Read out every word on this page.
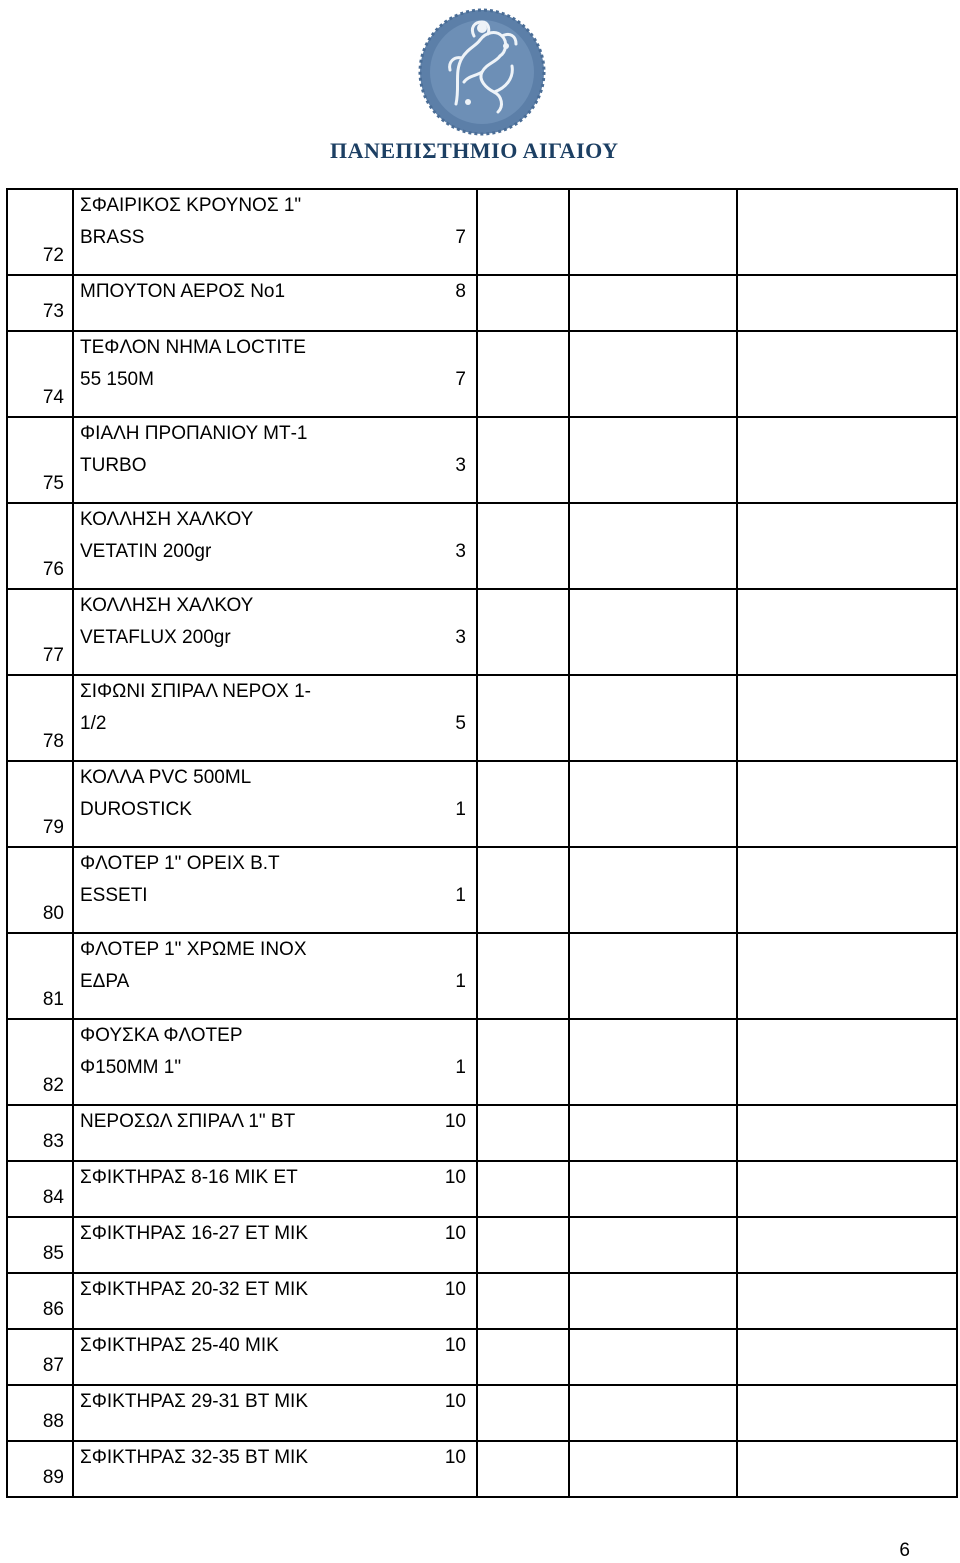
ΠΑΝΕΠΙΣΤΗΜΙΟ ΑΙΓΑΙΟΥ
72	ΣΦΑΙΡΙΚΟΣ ΚΡΟΥΝΟΣ 1"
BRASS		7			
73	ΜΠΟΥΤΟΝ ΑΕΡΟΣ Νο1		8			
74	ΤΕΦΛΟΝ ΝΗΜΑ LOCTITE
55 150M		7			
75	ΦΙΑΛΗ ΠΡΟΠΑΝΙΟΥ ΜΤ-1
TURBO		3			
76	ΚΟΛΛΗΣΗ ΧΑΛΚΟΥ
VETATIN 200gr		3			
77	ΚΟΛΛΗΣΗ ΧΑΛΚΟΥ
VETAFLUX 200gr		3			
78	ΣΙΦΩΝΙ ΣΠΙΡΑΛ ΝΕΡΟΧ 1-
1/2		5			
79	ΚΟΛΛΑ PVC 500ML
DUROSTICK		1			
80	ΦΛΟΤΕΡ 1" ΟΡΕΙΧ Β.Τ
ESSETI		1			
81	ΦΛΟΤΕΡ 1" ΧΡΩΜΕ ΙΝΟΧ
ΕΔΡΑ		1			
82	ΦΟΥΣΚΑ ΦΛΟΤΕΡ
Φ150ΜΜ 1"		1			
83	ΝΕΡΟΣΩΛ ΣΠΙΡΑΛ 1" ΒΤ		10			
84	ΣΦΙΚΤΗΡΑΣ 8-16 ΜΙΚ ΕΤ		10			
85	ΣΦΙΚΤΗΡΑΣ 16-27 ΕΤ ΜΙΚ		10			
86	ΣΦΙΚΤΗΡΑΣ 20-32 ΕΤ ΜΙΚ		10			
87	ΣΦΙΚΤΗΡΑΣ 25-40 ΜΙΚ		10			
88	ΣΦΙΚΤΗΡΑΣ 29-31 ΒΤ ΜΙΚ		10			
89	ΣΦΙΚΤΗΡΑΣ 32-35 ΒΤ ΜΙΚ		10			
6
